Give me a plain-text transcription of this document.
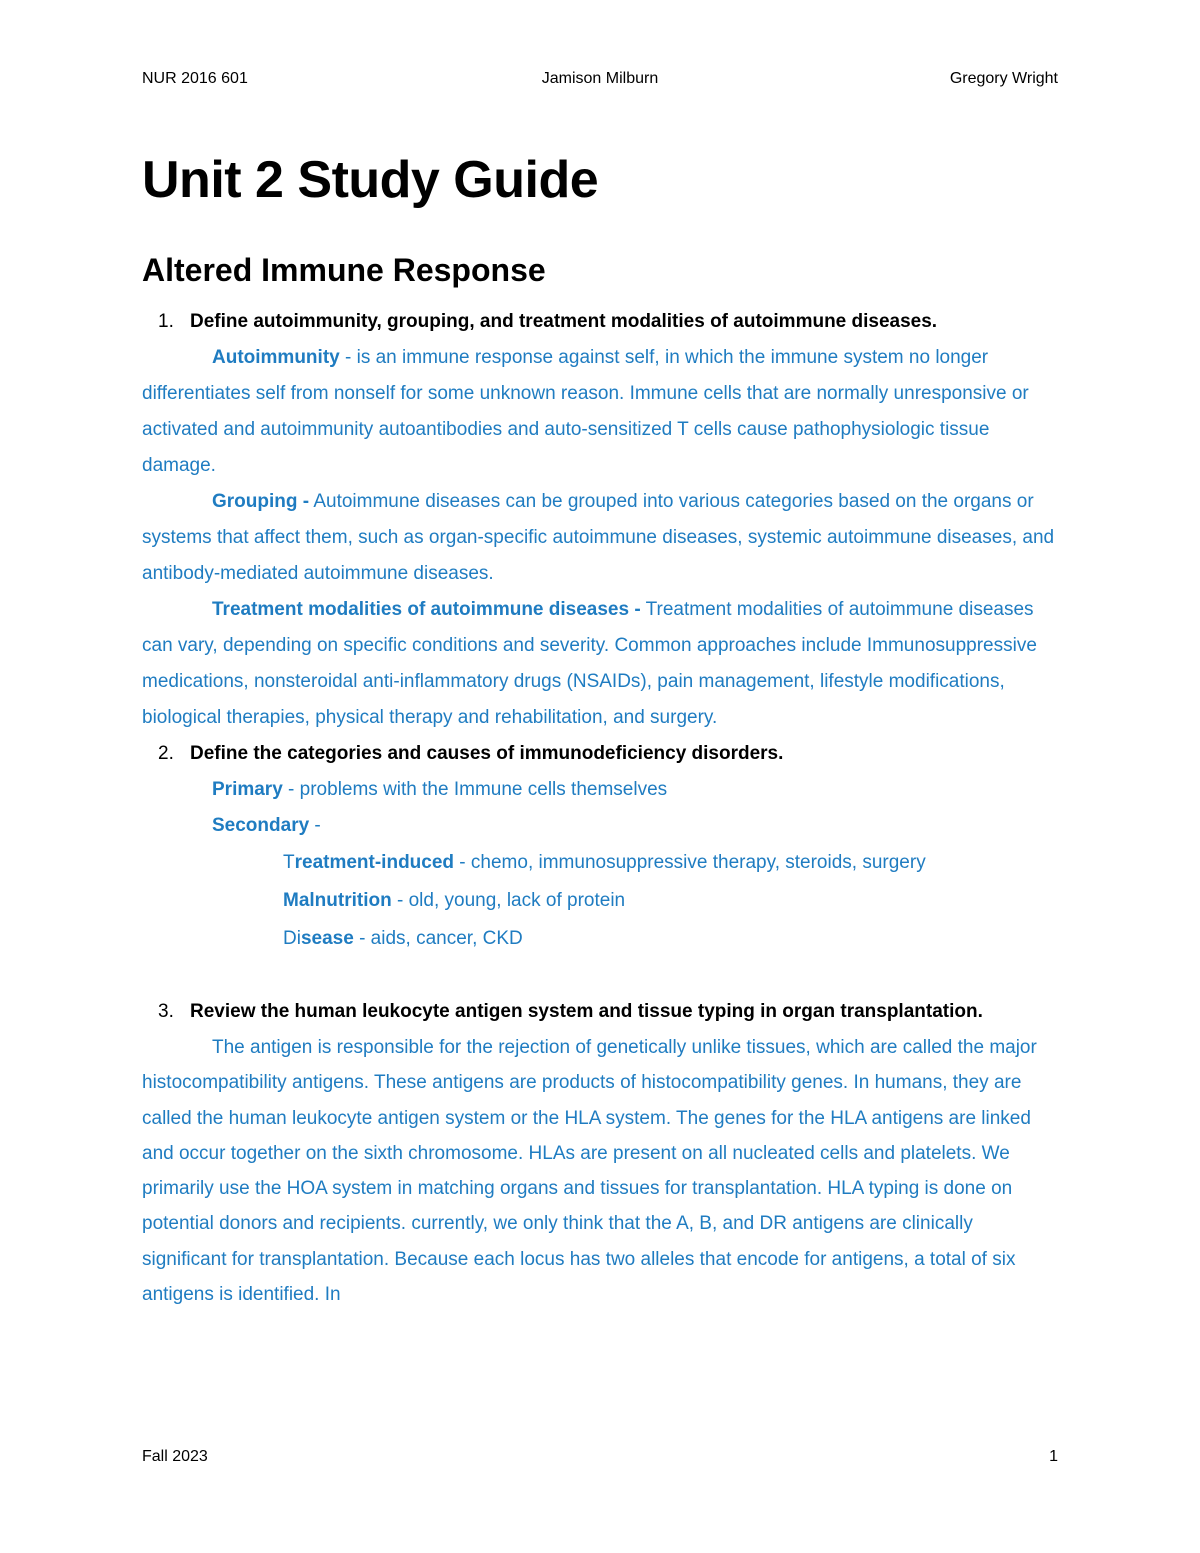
NUR 2016 601	Jamison Milburn	Gregory Wright
Unit 2 Study Guide
Altered Immune Response

1. Define autoimmunity, grouping, and treatment modalities of autoimmune diseases.

Autoimmunity - is an immune response against self, in which the immune system no longer differentiates self from nonself for some unknown reason. Immune cells that are normally unresponsive or activated and autoimmunity autoantibodies and auto-sensitized T cells cause pathophysiologic tissue damage.

Grouping - Autoimmune diseases can be grouped into various categories based on the organs or systems that affect them, such as organ-specific autoimmune diseases, systemic autoimmune diseases, and antibody-mediated autoimmune diseases.

Treatment modalities of autoimmune diseases - Treatment modalities of autoimmune diseases can vary, depending on specific conditions and severity. Common approaches include Immunosuppressive medications, nonsteroidal anti-inflammatory drugs (NSAIDs), pain management, lifestyle modifications, biological therapies, physical therapy and rehabilitation, and surgery.

2. Define the categories and causes of immunodeficiency disorders.

Primary - problems with the Immune cells themselves

Secondary -

Treatment-induced - chemo, immunosuppressive therapy, steroids, surgery

Malnutrition - old, young, lack of protein

Disease - aids, cancer, CKD

3. Review the human leukocyte antigen system and tissue typing in organ transplantation.

The antigen is responsible for the rejection of genetically unlike tissues, which are called the major histocompatibility antigens. These antigens are products of histocompatibility genes. In humans, they are called the human leukocyte antigen system or the HLA system. The genes for the HLA antigens are linked and occur together on the sixth chromosome. HLAs are present on all nucleated cells and platelets. We primarily use the HOA system in matching organs and tissues for transplantation. HLA typing is done on potential donors and recipients. currently, we only think that the A, B, and DR antigens are clinically significant for transplantation. Because each locus has two alleles that encode for antigens, a total of six antigens is identified. In

Fall 2023	1
